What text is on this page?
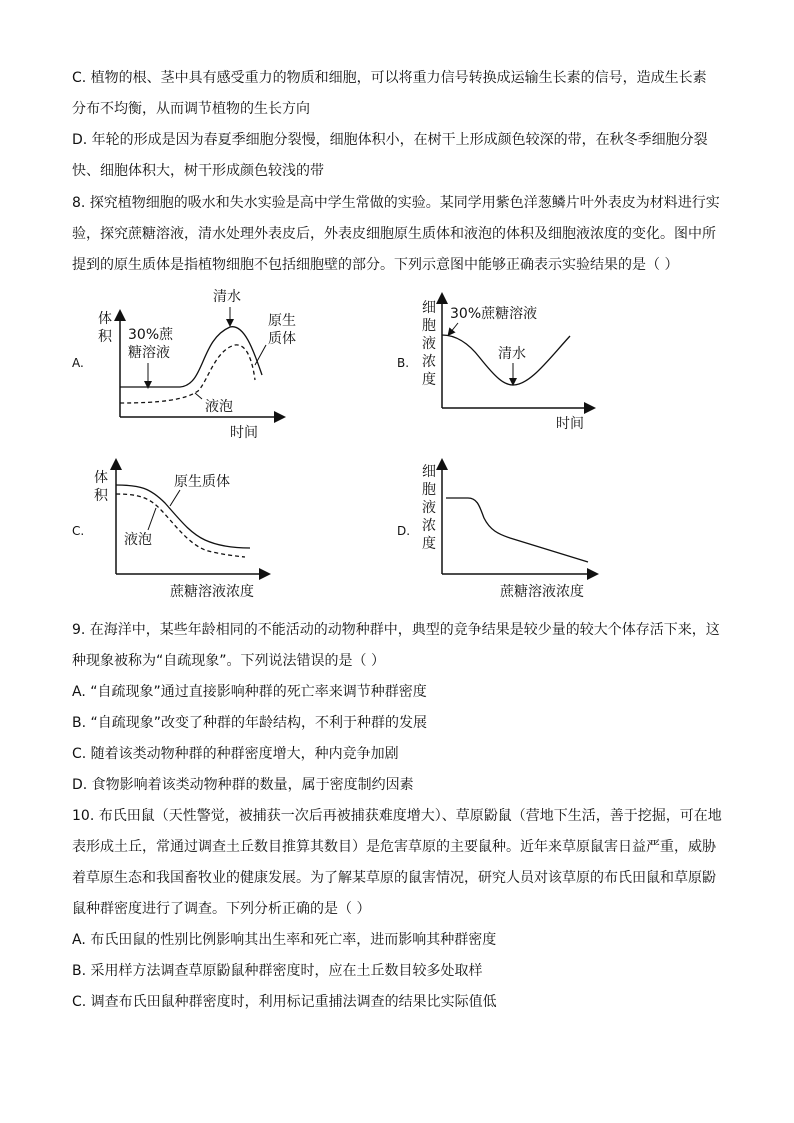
C. 植物的根、茎中具有感受重力的物质和细胞，可以将重力信号转换成运输生长素的信号，造成生长素
分布不均衡，从而调节植物的生长方向
D. 年轮的形成是因为春夏季细胞分裂慢，细胞体积小，在树干上形成颜色较深的带，在秋冬季细胞分裂
快、细胞体积大，树干形成颜色较浅的带
8. 探究植物细胞的吸水和失水实验是高中学生常做的实验。某同学用紫色洋葱鳞片叶外表皮为材料进行实
验，探究蔗糖溶液，清水处理外表皮后，外表皮细胞原生质体和液泡的体积及细胞液浓度的变化。图中所
提到的原生质体是指植物细胞不包括细胞壁的部分。下列示意图中能够正确表示实验结果的是（ ）
A.
体
积
时间
30%蔗
糖溶液
清水
原生
质体
液泡
B.
细
胞
液
浓
度
时间
30%蔗糖溶液
清水
C.
体
积
蔗糖溶液浓度
原生质体
液泡
D.
细
胞
液
浓
度
蔗糖溶液浓度
9. 在海洋中，某些年龄相同的不能活动的动物种群中，典型的竞争结果是较少量的较大个体存活下来，这
种现象被称为“自疏现象”。下列说法错误的是（ ）
A. “自疏现象”通过直接影响种群的死亡率来调节种群密度
B. “自疏现象”改变了种群的年龄结构，不利于种群的发展
C. 随着该类动物种群的种群密度增大，种内竞争加剧
D. 食物影响着该类动物种群的数量，属于密度制约因素
10. 布氏田鼠（天性警觉，被捕获一次后再被捕获难度增大）、草原鼢鼠（营地下生活，善于挖掘，可在地
表形成土丘，常通过调查土丘数目推算其数目）是危害草原的主要鼠种。近年来草原鼠害日益严重，威胁
着草原生态和我国畜牧业的健康发展。为了解某草原的鼠害情况，研究人员对该草原的布氏田鼠和草原鼢
鼠种群密度进行了调查。下列分析正确的是（ ）
A. 布氏田鼠的性别比例影响其出生率和死亡率，进而影响其种群密度
B. 采用样方法调查草原鼢鼠种群密度时，应在土丘数目较多处取样
C. 调查布氏田鼠种群密度时，利用标记重捕法调查的结果比实际值低
